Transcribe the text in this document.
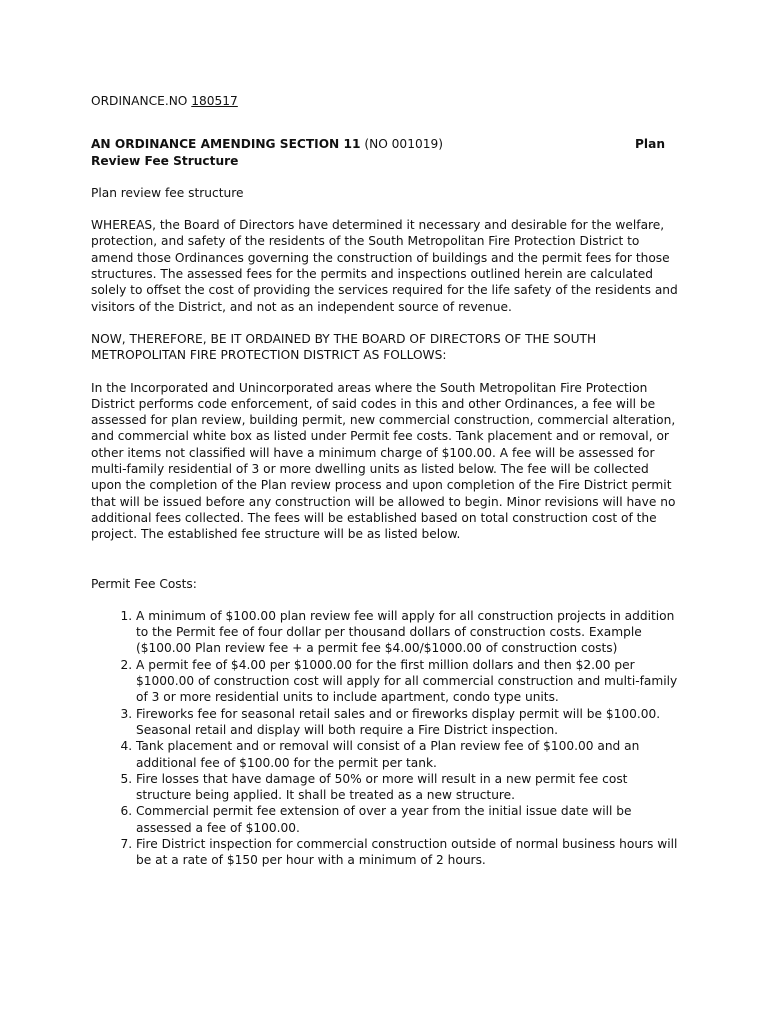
ORDINANCE.NO 180517

AN ORDINANCE AMENDING SECTION 11 (NO 001019)	Plan

Review Fee Structure

Plan review fee structure

WHEREAS, the Board of Directors have determined it necessary and desirable for the welfare, protection, and safety of the residents of the South Metropolitan Fire Protection District to amend those Ordinances governing the construction of buildings and the permit fees for those structures. The assessed fees for the permits and inspections outlined herein are calculated solely to offset the cost of providing the services required for the life safety of the residents and visitors of the District, and not as an independent source of revenue.

NOW, THEREFORE, BE IT ORDAINED BY THE BOARD OF DIRECTORS OF THE SOUTH METROPOLITAN FIRE PROTECTION DISTRICT AS FOLLOWS:

In the Incorporated and Unincorporated areas where the South Metropolitan Fire Protection District performs code enforcement, of said codes in this and other Ordinances, a fee will be assessed for plan review, building permit, new commercial construction, commercial alteration, and commercial white box as listed under Permit fee costs. Tank placement and or removal, or other items not classified will have a minimum charge of $100.00. A fee will be assessed for multi-family residential of 3 or more dwelling units as listed below. The fee will be collected upon the completion of the Plan review process and upon completion of the Fire District permit that will be issued before any construction will be allowed to begin. Minor revisions will have no additional fees collected. The fees will be established based on total construction cost of the project. The established fee structure will be as listed below.

Permit Fee Costs:

1. A minimum of $100.00 plan review fee will apply for all construction projects in addition to the Permit fee of four dollar per thousand dollars of construction costs. Example ($100.00 Plan review fee + a permit fee $4.00/$1000.00 of construction costs)
2. A permit fee of $4.00 per $1000.00 for the first million dollars and then $2.00 per $1000.00 of construction cost will apply for all commercial construction and multi-family of 3 or more residential units to include apartment, condo type units.
3. Fireworks fee for seasonal retail sales and or fireworks display permit will be $100.00. Seasonal retail and display will both require a Fire District inspection.
4. Tank placement and or removal will consist of a Plan review fee of $100.00 and an additional fee of $100.00 for the permit per tank.
5. Fire losses that have damage of 50% or more will result in a new permit fee cost structure being applied. It shall be treated as a new structure.
6. Commercial permit fee extension of over a year from the initial issue date will be assessed a fee of $100.00.
7. Fire District inspection for commercial construction outside of normal business hours will be at a rate of $150 per hour with a minimum of 2 hours.
